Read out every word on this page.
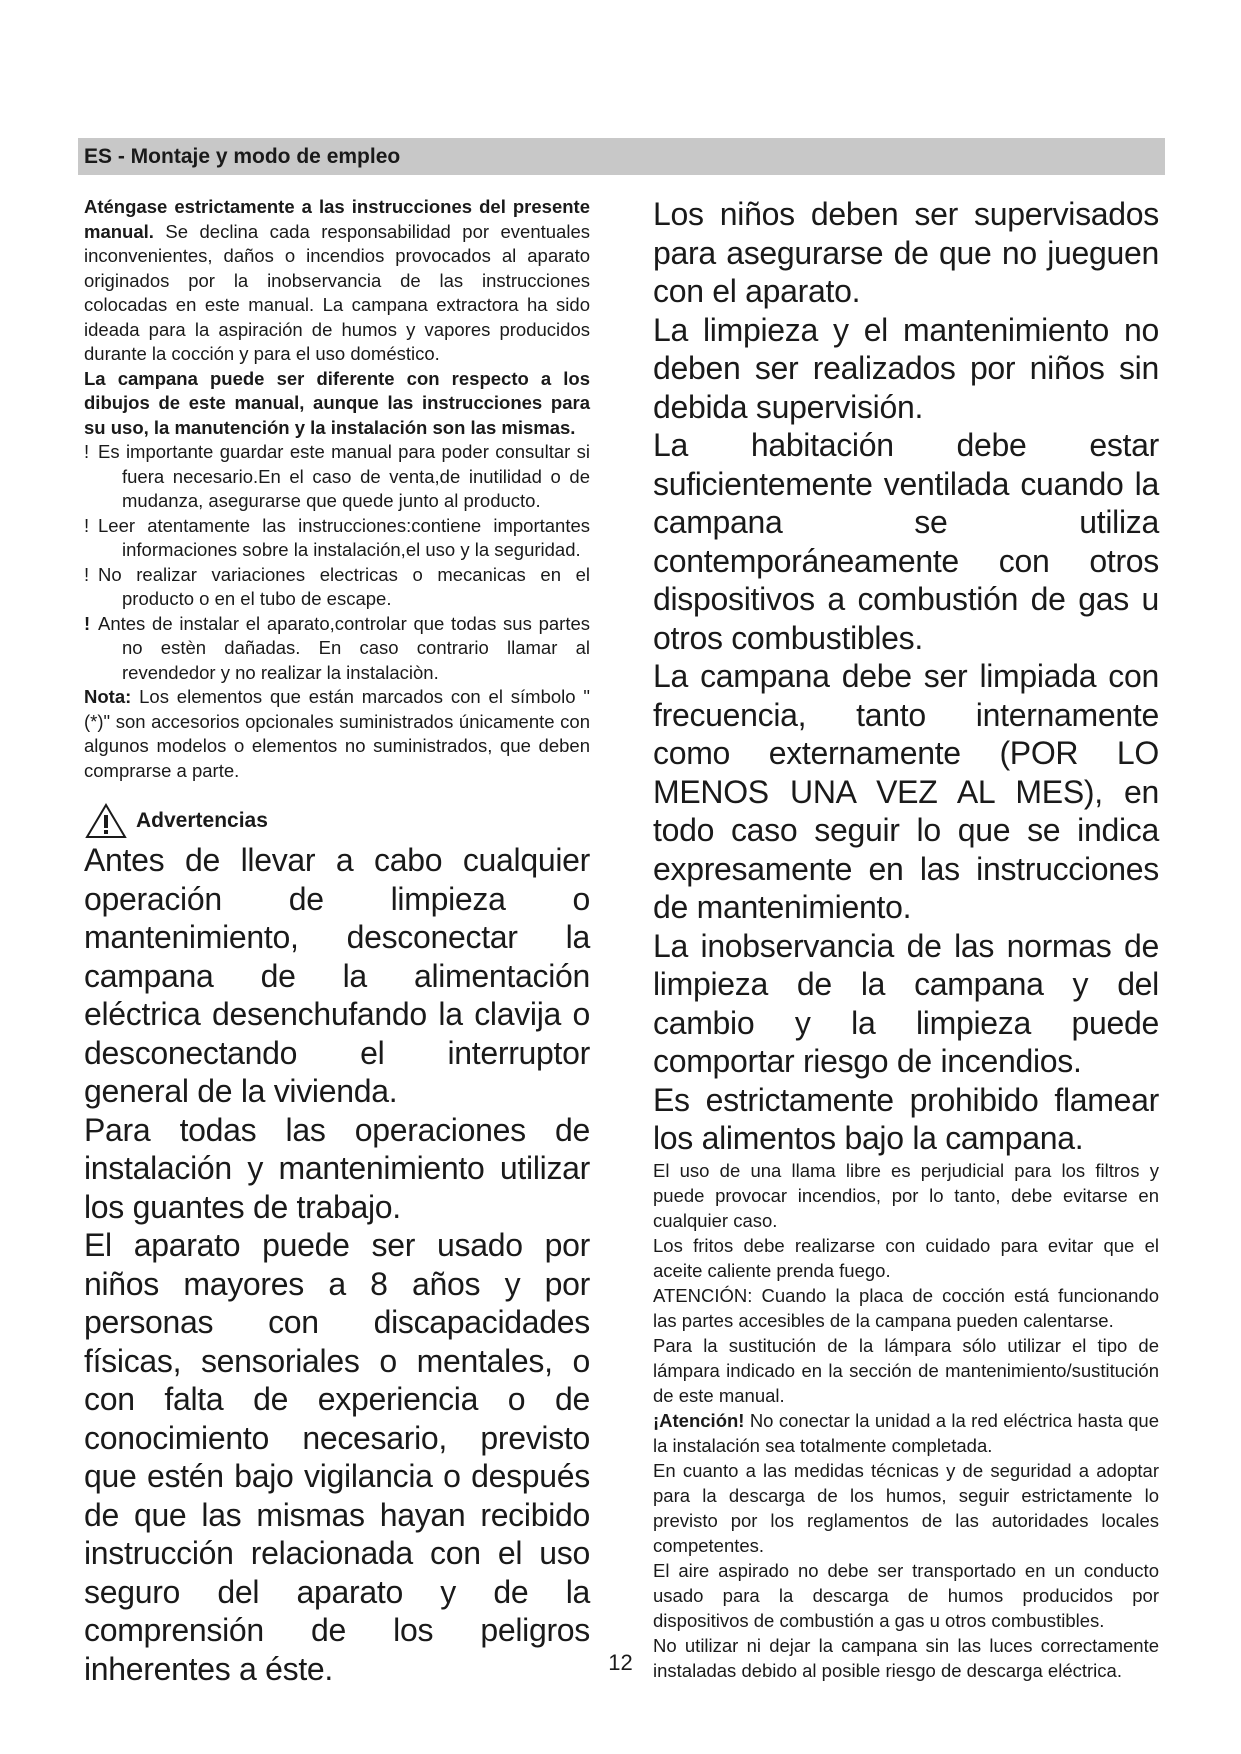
ES - Montaje y modo de empleo

Aténgase estrictamente a las instrucciones del presente manual. Se declina cada responsabilidad por eventuales inconvenientes, daños o incendios provocados al aparato originados por la inobservancia de las instrucciones colocadas en este manual. La campana extractora ha sido ideada para la aspiración de humos y vapores producidos durante la cocción y para el uso doméstico.

La campana puede ser diferente con respecto a los dibujos de este manual, aunque las instrucciones para su uso, la manutención y la instalación son las mismas.

! Es importante guardar este manual para poder consultar si fuera necesario.En el caso de venta,de inutilidad o de mudanza, asegurarse que quede junto al producto.

! Leer atentamente las instrucciones:contiene importantes informaciones sobre la instalación,el uso y la seguridad.

! No realizar variaciones electricas o mecanicas en el producto o en el tubo de escape.

! Antes de instalar el aparato,controlar que todas sus partes no estèn dañadas. En caso contrario llamar al revendedor y no realizar la instalaciòn.

Nota: Los elementos que están marcados con el símbolo "(*)" son accesorios opcionales suministrados únicamente con algunos modelos o elementos no suministrados, que deben comprarse a parte.

Advertencias

Antes de llevar a cabo cualquier operación de limpieza o mantenimiento, desconectar la campana de la alimentación eléctrica desenchufando la clavija o desconectando el interruptor general de la vivienda.

Para todas las operaciones de instalación y mantenimiento utilizar los guantes de trabajo.

El aparato puede ser usado por niños mayores a 8 años y por personas con discapacidades físicas, sensoriales o mentales, o con falta de experiencia o de conocimiento necesario, previsto que estén bajo vigilancia o después de que las mismas hayan recibido instrucción relacionada con el uso seguro del aparato y de la comprensión de los peligros inherentes a éste.

Los niños deben ser supervisados para asegurarse de que no jueguen con el aparato.

La limpieza y el mantenimiento no deben ser realizados por niños sin debida supervisión.

La habitación debe estar suficientemente ventilada cuando la campana se utiliza contemporáneamente con otros dispositivos a combustión de gas u otros combustibles.

La campana debe ser limpiada con frecuencia, tanto internamente como externamente (POR LO MENOS UNA VEZ AL MES), en todo caso seguir lo que se indica expresamente en las instrucciones de mantenimiento.

La inobservancia de las normas de limpieza de la campana y del cambio y la limpieza puede comportar riesgo de incendios.

Es estrictamente prohibido flamear los alimentos bajo la campana.

El uso de una llama libre es perjudicial para los filtros y puede provocar incendios, por lo tanto, debe evitarse en cualquier caso.

Los fritos debe realizarse con cuidado para evitar que el aceite caliente prenda fuego.

ATENCIÓN: Cuando la placa de cocción está funcionando las partes accesibles de la campana pueden calentarse.

Para la sustitución de la lámpara sólo utilizar el tipo de lámpara indicado en la sección de mantenimiento/sustitución de este manual.

¡Atención! No conectar la unidad a la red eléctrica hasta que la instalación sea totalmente completada.

En cuanto a las medidas técnicas y de seguridad a adoptar para la descarga de los humos, seguir estrictamente lo previsto por los reglamentos de las autoridades locales competentes.

El aire aspirado no debe ser transportado en un conducto usado para la descarga de humos producidos por dispositivos de combustión a gas u otros combustibles.

No utilizar ni dejar la campana sin las luces correctamente instaladas debido al posible riesgo de descarga eléctrica.

12
